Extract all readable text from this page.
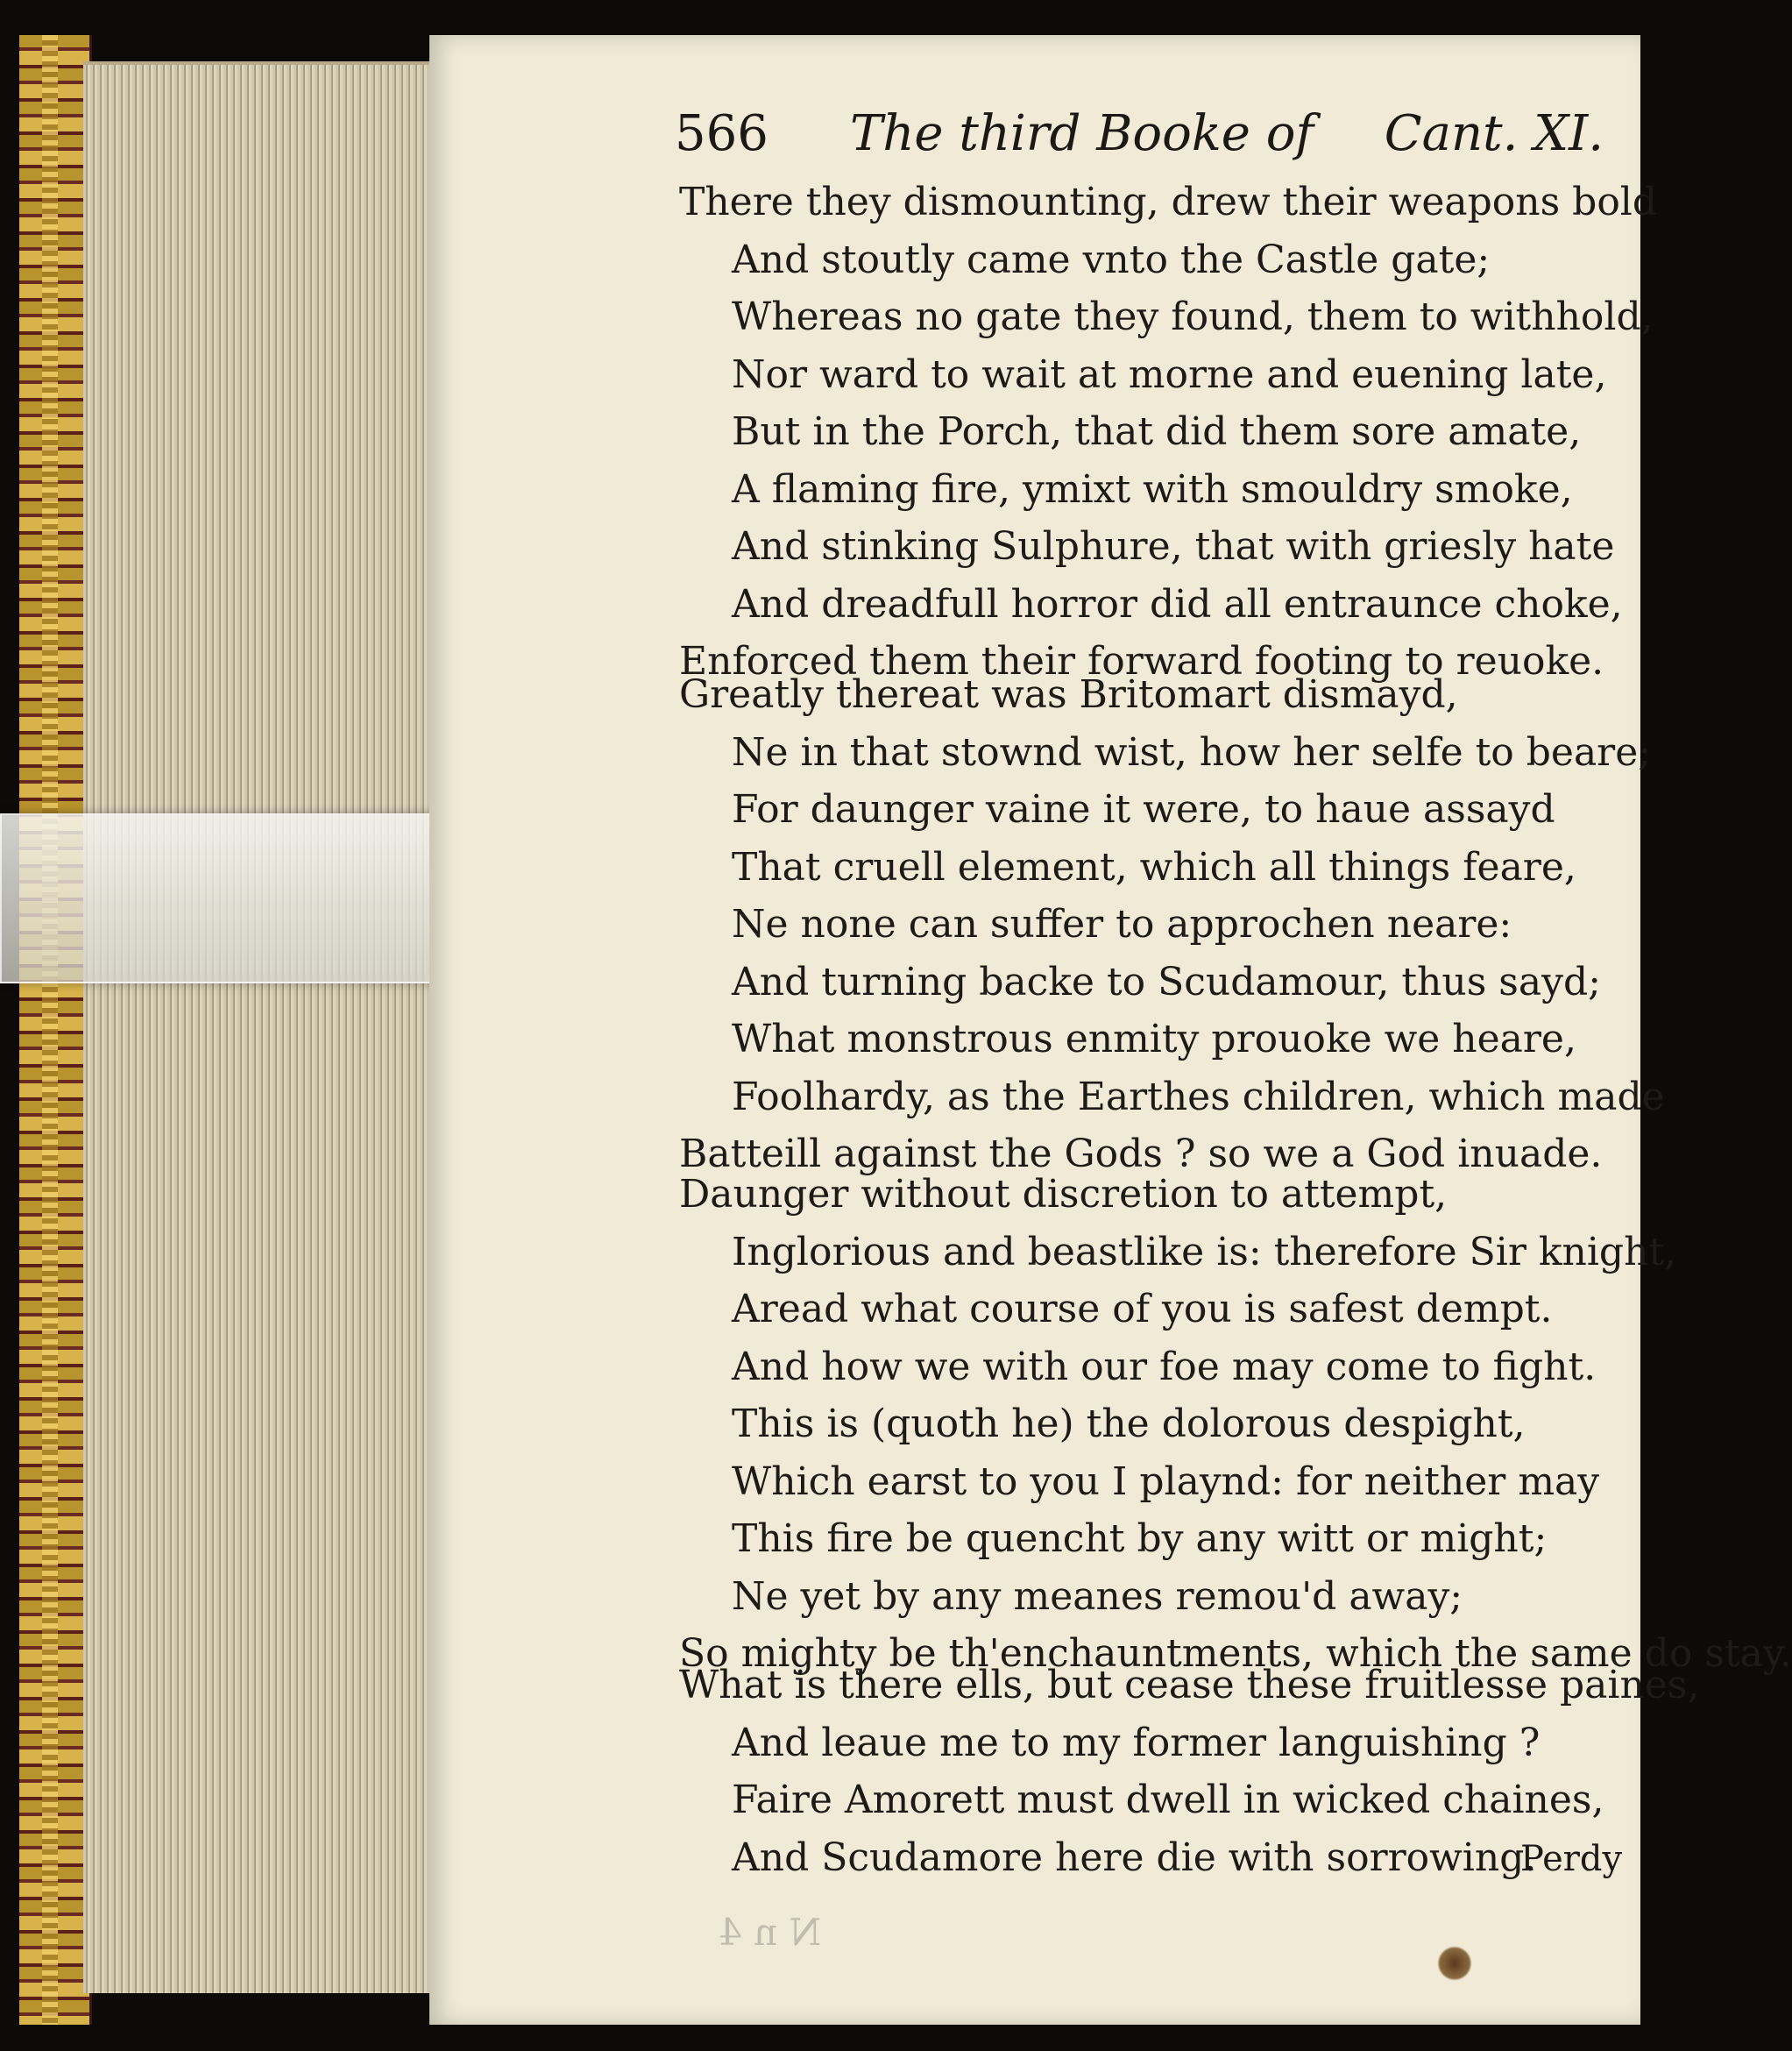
566 The third Booke of Cant. XI.
There they dismounting, drew their weapons bold
And stoutly came vnto the Castle gate;
Whereas no gate they found, them to withhold,
Nor ward to wait at morne and euening late,
But in the Porch, that did them sore amate,
A flaming fire, ymixt with smouldry smoke,
And stinking Sulphure, that with griesly hate
And dreadfull horror did all entraunce choke,
Enforced them their forward footing to reuoke.
Greatly thereat was Britomart dismayd,
Ne in that stownd wist, how her selfe to beare;
For daunger vaine it were, to haue assayd
That cruell element, which all things feare,
Ne none can suffer to approchen neare:
And turning backe to Scudamour, thus sayd;
What monstrous enmity prouoke we heare,
Foolhardy, as the Earthes children, which made
Batteill against the Gods ? so we a God inuade.
Daunger without discretion to attempt,
Inglorious and beastlike is: therefore Sir knight,
Aread what course of you is safest dempt.
And how we with our foe may come to fight.
This is (quoth he) the dolorous despight,
Which earst to you I playnd: for neither may
This fire be quencht by any witt or might;
Ne yet by any meanes remou'd away;
So mighty be th'enchauntments, which the same do stay.
What is there ells, but cease these fruitlesse paines,
And leaue me to my former languishing ?
Faire Amorett must dwell in wicked chaines,
And Scudamore here die with sorrowing.
Perdy
N n 4
